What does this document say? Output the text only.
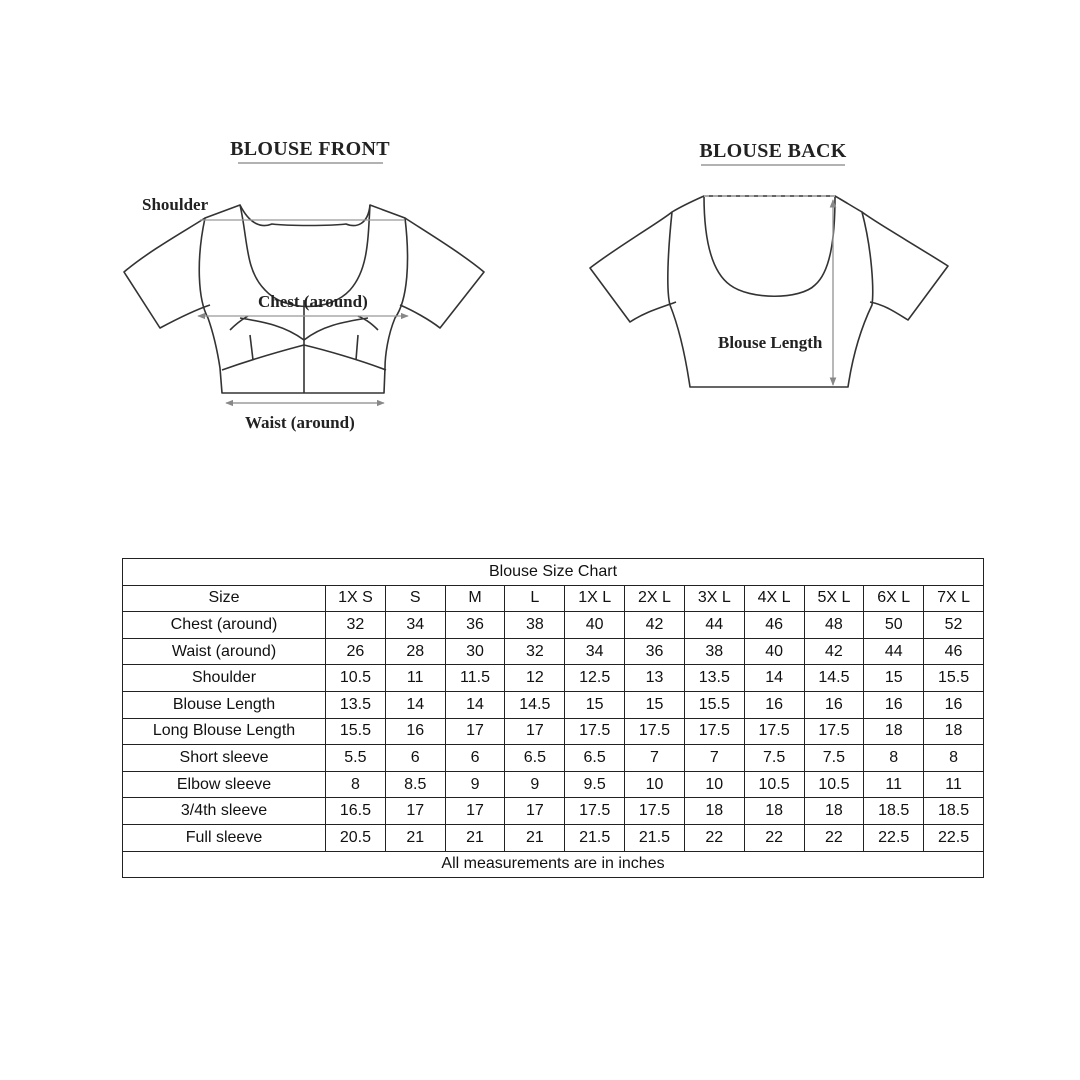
BLOUSE FRONT
Shoulder
Chest (around)
Waist (around)
BLOUSE BACK
Blouse Length
Blouse Size Chart											
Size	1X S	S	M	L	1X L	2X L	3X L	4X L	5X L	6X L	7X L
Chest (around)	32	34	36	38	40	42	44	46	48	50	52
Waist (around)	26	28	30	32	34	36	38	40	42	44	46
Shoulder	10.5	11	11.5	12	12.5	13	13.5	14	14.5	15	15.5
Blouse Length	13.5	14	14	14.5	15	15	15.5	16	16	16	16
Long Blouse Length	15.5	16	17	17	17.5	17.5	17.5	17.5	17.5	18	18
Short sleeve	5.5	6	6	6.5	6.5	7	7	7.5	7.5	8	8
Elbow sleeve	8	8.5	9	9	9.5	10	10	10.5	10.5	11	11
3/4th sleeve	16.5	17	17	17	17.5	17.5	18	18	18	18.5	18.5
Full sleeve	20.5	21	21	21	21.5	21.5	22	22	22	22.5	22.5
All measurements are in inches											
